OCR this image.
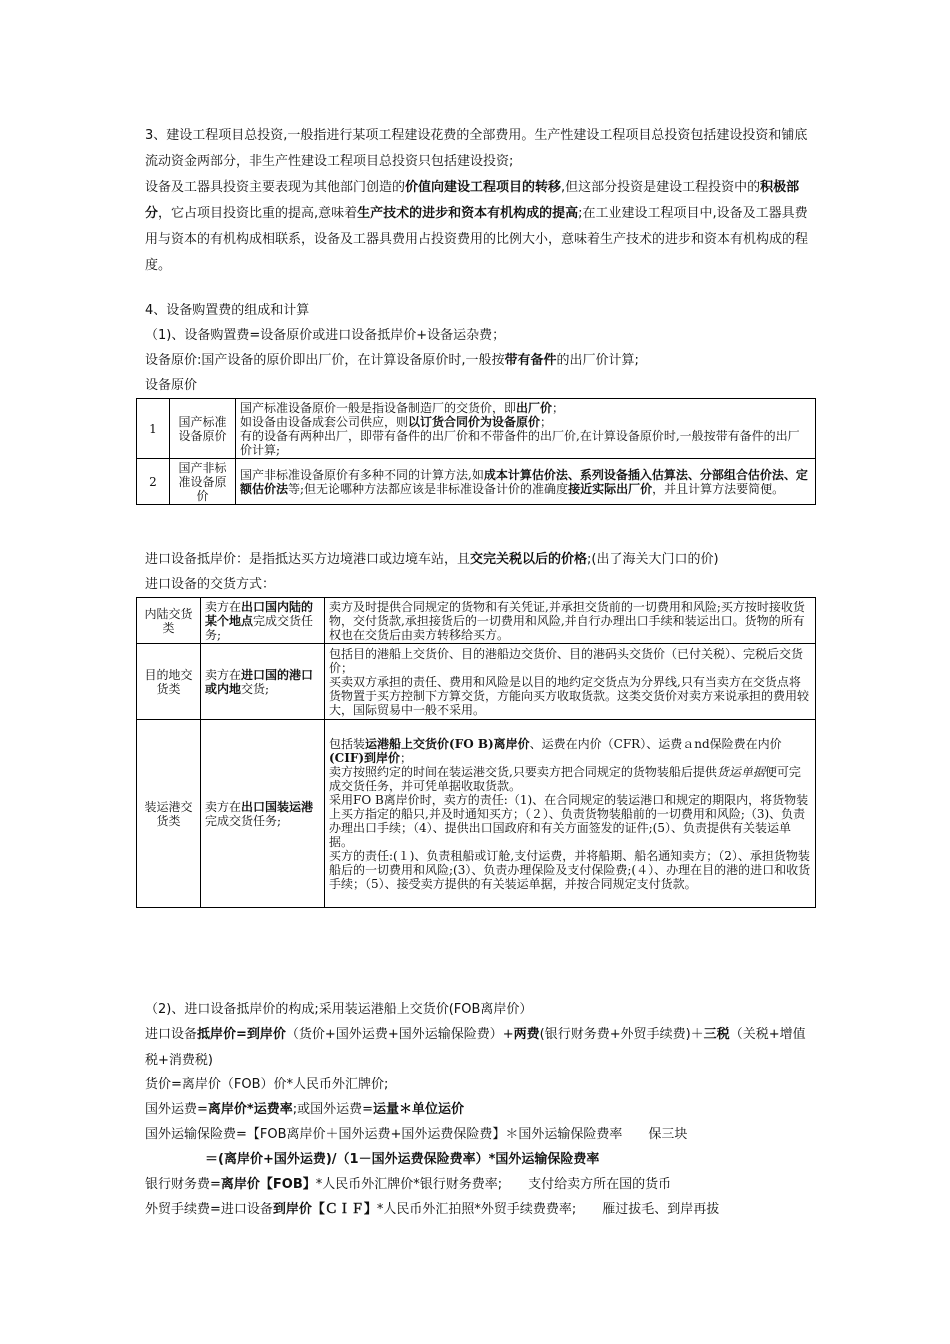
3、建设工程项目总投资,一般指进行某项工程建设花费的全部费用。生产性建设工程项目总投资包括建设投资和铺底流动资金两部分，非生产性建设工程项目总投资只包括建设投资;

设备及工器具投资主要表现为其他部门创造的价值向建设工程项目的转移,但这部分投资是建设工程投资中的积极部分，它占项目投资比重的提高,意味着生产技术的进步和资本有机构成的提高;在工业建设工程项目中,设备及工器具费用与资本的有机构成相联系，设备及工器具费用占投资费用的比例大小，意味着生产技术的进步和资本有机构成的程度。

4、设备购置费的组成和计算

（1)、设备购置费=设备原价或进口设备抵岸价+设备运杂费；

设备原价:国产设备的原价即出厂价，在计算设备原价时,一般按带有备件的出厂价计算;

设备原价

1	国产标准设备原价	国产标准设备原价一般是指设备制造厂的交货价，即出厂价；
如设备由设备成套公司供应，则以订货合同价为设备原价；
有的设备有两种出厂，即带有备件的出厂价和不带备件的出厂价,在计算设备原价时,一般按带有备件的出厂价计算;

2	国产非标准设备原价	国产非标准设备原价有多种不同的计算方法,如成本计算估价法、系列设备插入估算法、分部组合估价法、定额估价法等;但无论哪种方法都应该是非标准设备计价的准确度接近实际出厂价，并且计算方法要简便。

进口设备抵岸价：是指抵达买方边境港口或边境车站，且交完关税以后的价格;(出了海关大门口的价)

进口设备的交货方式：

内陆交货类	卖方在出口国内陆的某个地点完成交货任务;	卖方及时提供合同规定的货物和有关凭证,并承担交货前的一切费用和风险;买方按时接收货物，交付货款,承担接货后的一切费用和风险,并自行办理出口手续和装运出口。货物的所有权也在交货后由卖方转移给买方。
目的地交货类	卖方在进口国的港口或内地交货;	包括目的港船上交货价、目的港船边交货价、目的港码头交货价（已付关税）、完税后交货价；
买卖双方承担的责任、费用和风险是以目的地约定交货点为分界线,只有当卖方在交货点将货物置于买方控制下方算交货，方能向买方收取货款。这类交货价对卖方来说承担的费用较大，国际贸易中一般不采用。

装运港交货类	卖方在出口国装运港完成交货任务;	包括装运港船上交货价(FO B)离岸价、运费在内价（CFR）、运费ａnd保险费在内价(CIF)到岸价；
卖方按照约定的时间在装运港交货,只要卖方把合同规定的货物装船后提供货运单据便可完成交货任务，并可凭单据收取货款。
采用FO B离岸价时，卖方的责任:（1)、在合同规定的装运港口和规定的期限内，将货物装上买方指定的船只,并及时通知买方；（２）、负责货物装船前的一切费用和风险;（3)、负责办理出口手续；（4）、提供出口国政府和有关方面签发的证件;(5）、负责提供有关装运单据。
买方的责任:(１)、负责租船或订舱,支付运费，并将船期、船名通知卖方；（2）、承担货物装船后的一切费用和风险;(3）、负责办理保险及支付保险费;(４）、办理在目的港的进口和收货手续；（5）、接受卖方提供的有关装运单据，并按合同规定支付货款。

（2)、进口设备抵岸价的构成;采用装运港船上交货价(FOB离岸价）

进口设备抵岸价=到岸价（货价+国外运费+国外运输保险费）+两费(银行财务费+外贸手续费)＋三税（关税+增值税+消费税)

货价=离岸价（FOB）价*人民币外汇牌价;

国外运费=离岸价*运费率;或国外运费=运量＊单位运价

国外运输保险费=【FOB离岸价＋国外运费+国外运费保险费】＊国外运输保险费率　　保三块

＝(离岸价+国外运费)/（1－国外运费保险费率）*国外运输保险费率

银行财务费=离岸价【FOB】*人民币外汇牌价*银行财务费率;　　支付给卖方所在国的货币

外贸手续费=进口设备到岸价【ＣＩＦ】*人民币外汇拍照*外贸手续费费率;　　雁过拔毛、到岸再拔
